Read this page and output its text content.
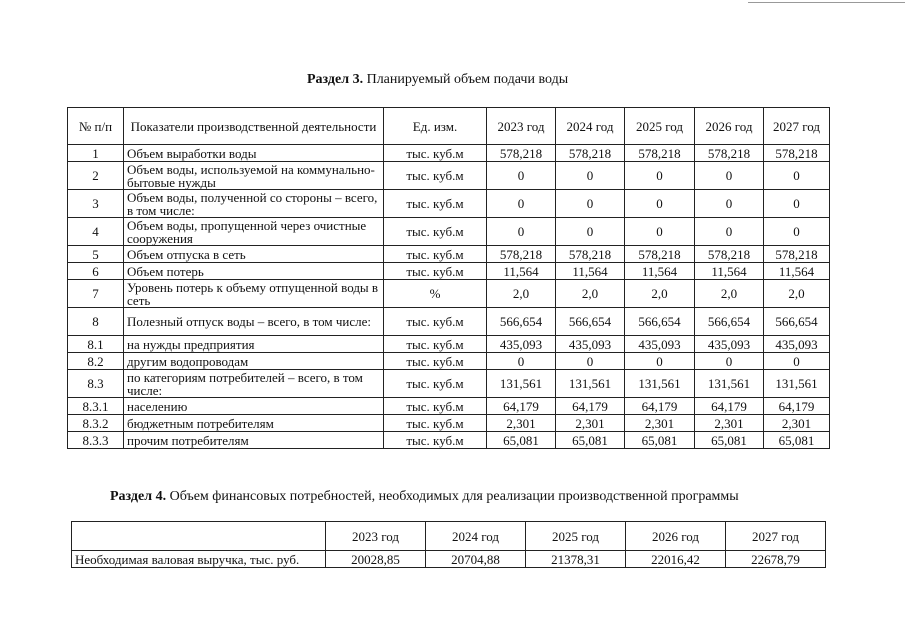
Раздел 3. Планируемый объем подачи воды
№ п/п	Показатели производственной деятельности	Ед. изм.	2023 год	2024 год	2025 год	2026 год	2027 год
1	Объем выработки воды	тыс. куб.м	578,218	578,218	578,218	578,218	578,218
2	Объем воды, используемой на коммунально-бытовые нужды	тыс. куб.м	0	0	0	0	0
3	Объем воды, полученной со стороны – всего, в том числе:	тыс. куб.м	0	0	0	0	0
4	Объем воды, пропущенной через очистные сооружения	тыс. куб.м	0	0	0	0	0
5	Объем отпуска в сеть	тыс. куб.м	578,218	578,218	578,218	578,218	578,218
6	Объем потерь	тыс. куб.м	11,564	11,564	11,564	11,564	11,564
7	Уровень потерь к объему отпущенной воды в сеть	%	2,0	2,0	2,0	2,0	2,0
8	Полезный отпуск воды – всего, в том числе:	тыс. куб.м	566,654	566,654	566,654	566,654	566,654
8.1	на нужды предприятия	тыс. куб.м	435,093	435,093	435,093	435,093	435,093
8.2	другим водопроводам	тыс. куб.м	0	0	0	0	0
8.3	по категориям потребителей – всего, в том числе:	тыс. куб.м	131,561	131,561	131,561	131,561	131,561
8.3.1	населению	тыс. куб.м	64,179	64,179	64,179	64,179	64,179
8.3.2	бюджетным потребителям	тыс. куб.м	2,301	2,301	2,301	2,301	2,301
8.3.3	прочим потребителям	тыс. куб.м	65,081	65,081	65,081	65,081	65,081
Раздел 4. Объем финансовых потребностей, необходимых для реализации производственной программы
	2023 год	2024 год	2025 год	2026 год	2027 год
Необходимая валовая выручка, тыс. руб.	20028,85	20704,88	21378,31	22016,42	22678,79
